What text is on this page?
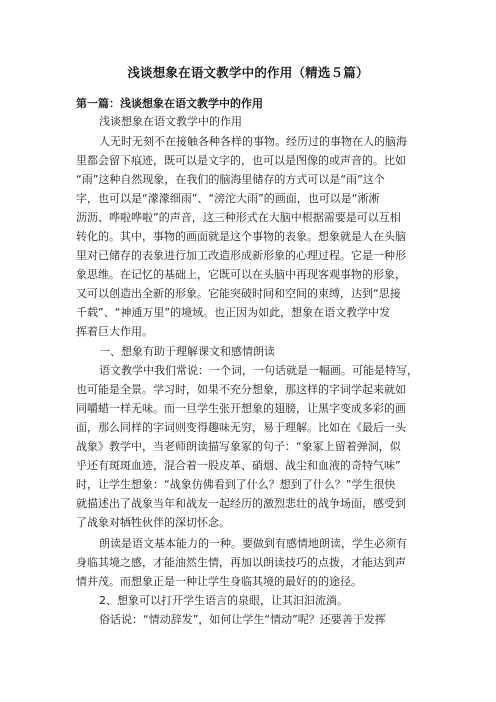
浅谈想象在语文教学中的作用（精选５篇）
第一篇：浅谈想象在语文教学中的作用
浅谈想象在语文教学中的作用
人无时无刻不在接触各种各样的事物。经历过的事物在人的脑海
里都会留下痕迹，既可以是文字的，也可以是图像的或声音的。比如
“雨”这种自然现象，在我们的脑海里储存的方式可以是“雨”这个
字，也可以是“濛濛细雨”、“滂沱大雨”的画面，也可以是“淅淅
沥沥、哗啦哗啦”的声音，这三种形式在大脑中根据需要是可以互相
转化的。其中，事物的画面就是这个事物的表象。想象就是人在头脑
里对已储存的表象进行加工改造形成新形象的心理过程。它是一种形
象思维。在记忆的基础上，它既可以在头脑中再现客观事物的形象，
又可以创造出全新的形象。它能突破时间和空间的束缚，达到“思接
千载”、“神通万里”的境域。也正因为如此，想象在语文教学中发
挥着巨大作用。
一、想象有助于理解课文和感情朗读
语文教学中我们常说：一个词，一句话就是一幅画。可能是特写，
也可能是全景。学习时，如果不充分想象，那这样的字词学起来就如
同嚼蜡一样无味。而一旦学生张开想象的翅膀，让黑字变成多彩的画
面，那么同样的字词则变得趣味无穷，易于理解。比如在《最后一头
战象》教学中，当老师朗读描写象冢的句子：“象冢上留着弹洞，似
乎还有斑斑血迹，混合着一股皮革、硝烟、战尘和血液的奇特气味”
时，让学生想象：“战象仿佛看到了什么？想到了什么？”学生很快
就描述出了战象当年和战友一起经历的激烈悲壮的战争场面，感受到
了战象对牺牲伙伴的深切怀念。
朗读是语文基本能力的一种。要做到有感情地朗读，学生必须有
身临其境之感，才能油然生情，再加以朗读技巧的点拨，才能达到声
情并茂。而想象正是一种让学生身临其境的最好的的途径。
2、想象可以打开学生语言的泉眼，让其汩汩流淌。
俗话说：“情动辞发”，如何让学生“情动”呢？还要善于发挥
